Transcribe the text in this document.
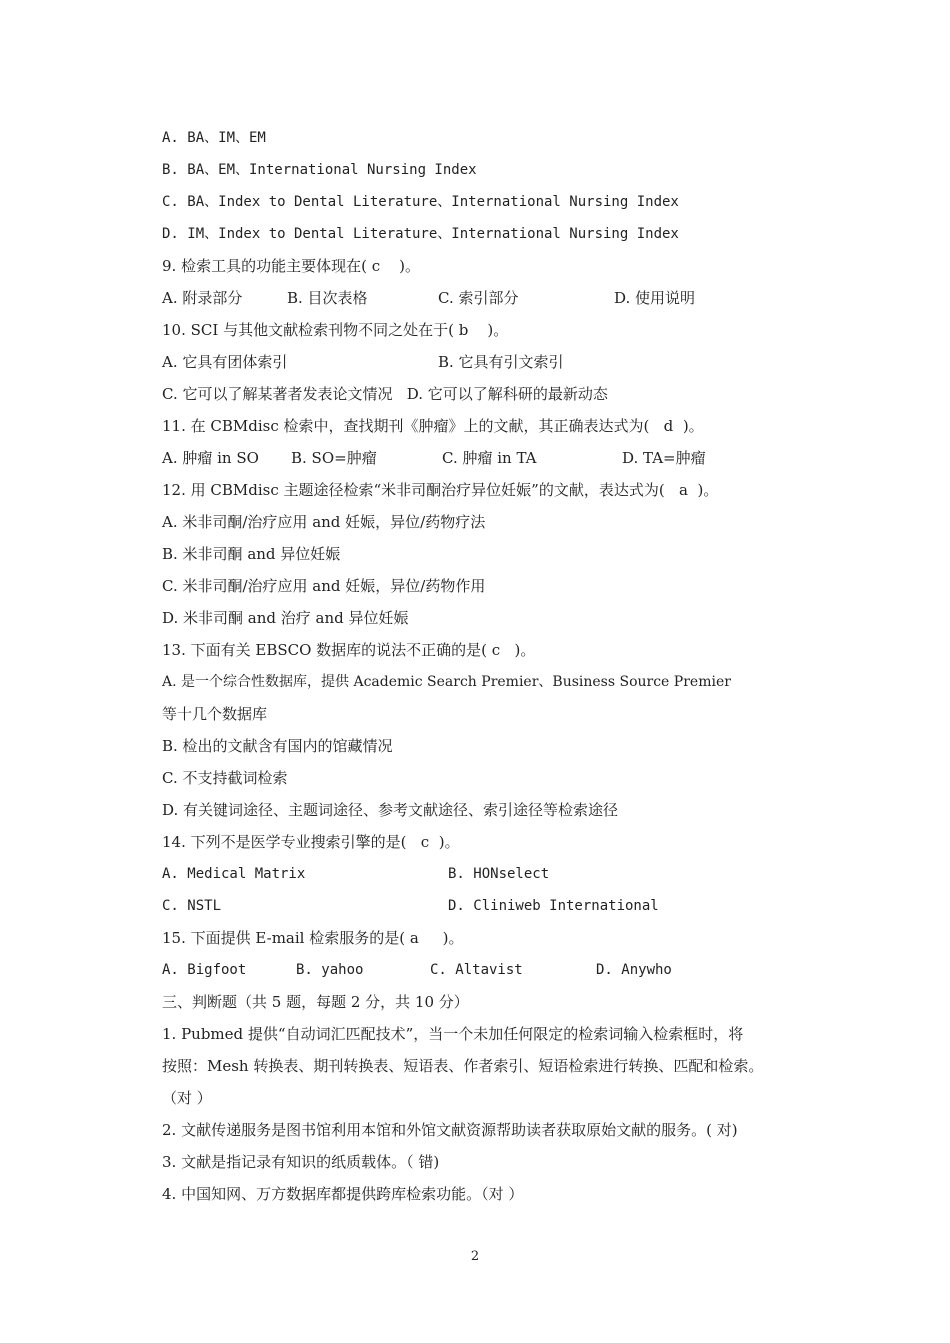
A. BA、IM、EM
B. BA、EM、International Nursing Index
C. BA、Index to Dental Literature、International Nursing Index
D. IM、Index to Dental Literature、International Nursing Index
9. 检索工具的功能主要体现在( c    )。

A. 附录部分

	B. 目次表格

	C. 索引部分

	D. 使用说明

10. SCI 与其他文献检索刊物不同之处在于( b    )。

A. 它具有团体索引

	B. 它具有引文索引

C. 它可以了解某著者发表论文情况   D. 它可以了解科研的最新动态
11. 在 CBMdisc 检索中，查找期刊《肿瘤》上的文献，其正确表达式为(   d  )。

A. 肿瘤 in SO

B. SO=肿瘤

	C. 肿瘤 in TA

	D. TA=肿瘤

12. 用 CBMdisc 主题途径检索“米非司酮治疗异位妊娠”的文献，表达式为(   a  )。
A. 米非司酮/治疗应用 and 妊娠，异位/药物疗法
B. 米非司酮 and 异位妊娠
C. 米非司酮/治疗应用 and 妊娠，异位/药物作用
D. 米非司酮 and 治疗 and 异位妊娠
13. 下面有关 EBSCO 数据库的说法不正确的是( c   )。
A. 是一个综合性数据库，提供 Academic Search Premier、Business Source Premier
等十几个数据库
B. 检出的文献含有国内的馆藏情况
C. 不支持截词检索
D. 有关键词途径、主题词途径、参考文献途径、索引途径等检索途径
14. 下列不是医学专业搜索引擎的是(   c  )。

A. Medical Matrix

	B. HONselect

C. NSTL

	D. Cliniweb International

15. 下面提供 E-mail 检索服务的是( a     )。

A. Bigfoot

	B. yahoo

	C. Altavist

	D. Anywho

三、判断题（共 5 题，每题 2 分，共 10 分）
1. Pubmed 提供“自动词汇匹配技术”，当一个未加任何限定的检索词输入检索框时，将
按照：Mesh 转换表、期刊转换表、短语表、作者索引、短语检索进行转换、匹配和检索。
（对 ）
2. 文献传递服务是图书馆利用本馆和外馆文献资源帮助读者获取原始文献的服务。( 对)
3. 文献是指记录有知识的纸质载体。（ 错)
4. 中国知网、万方数据库都提供跨库检索功能。（对 ）
2
